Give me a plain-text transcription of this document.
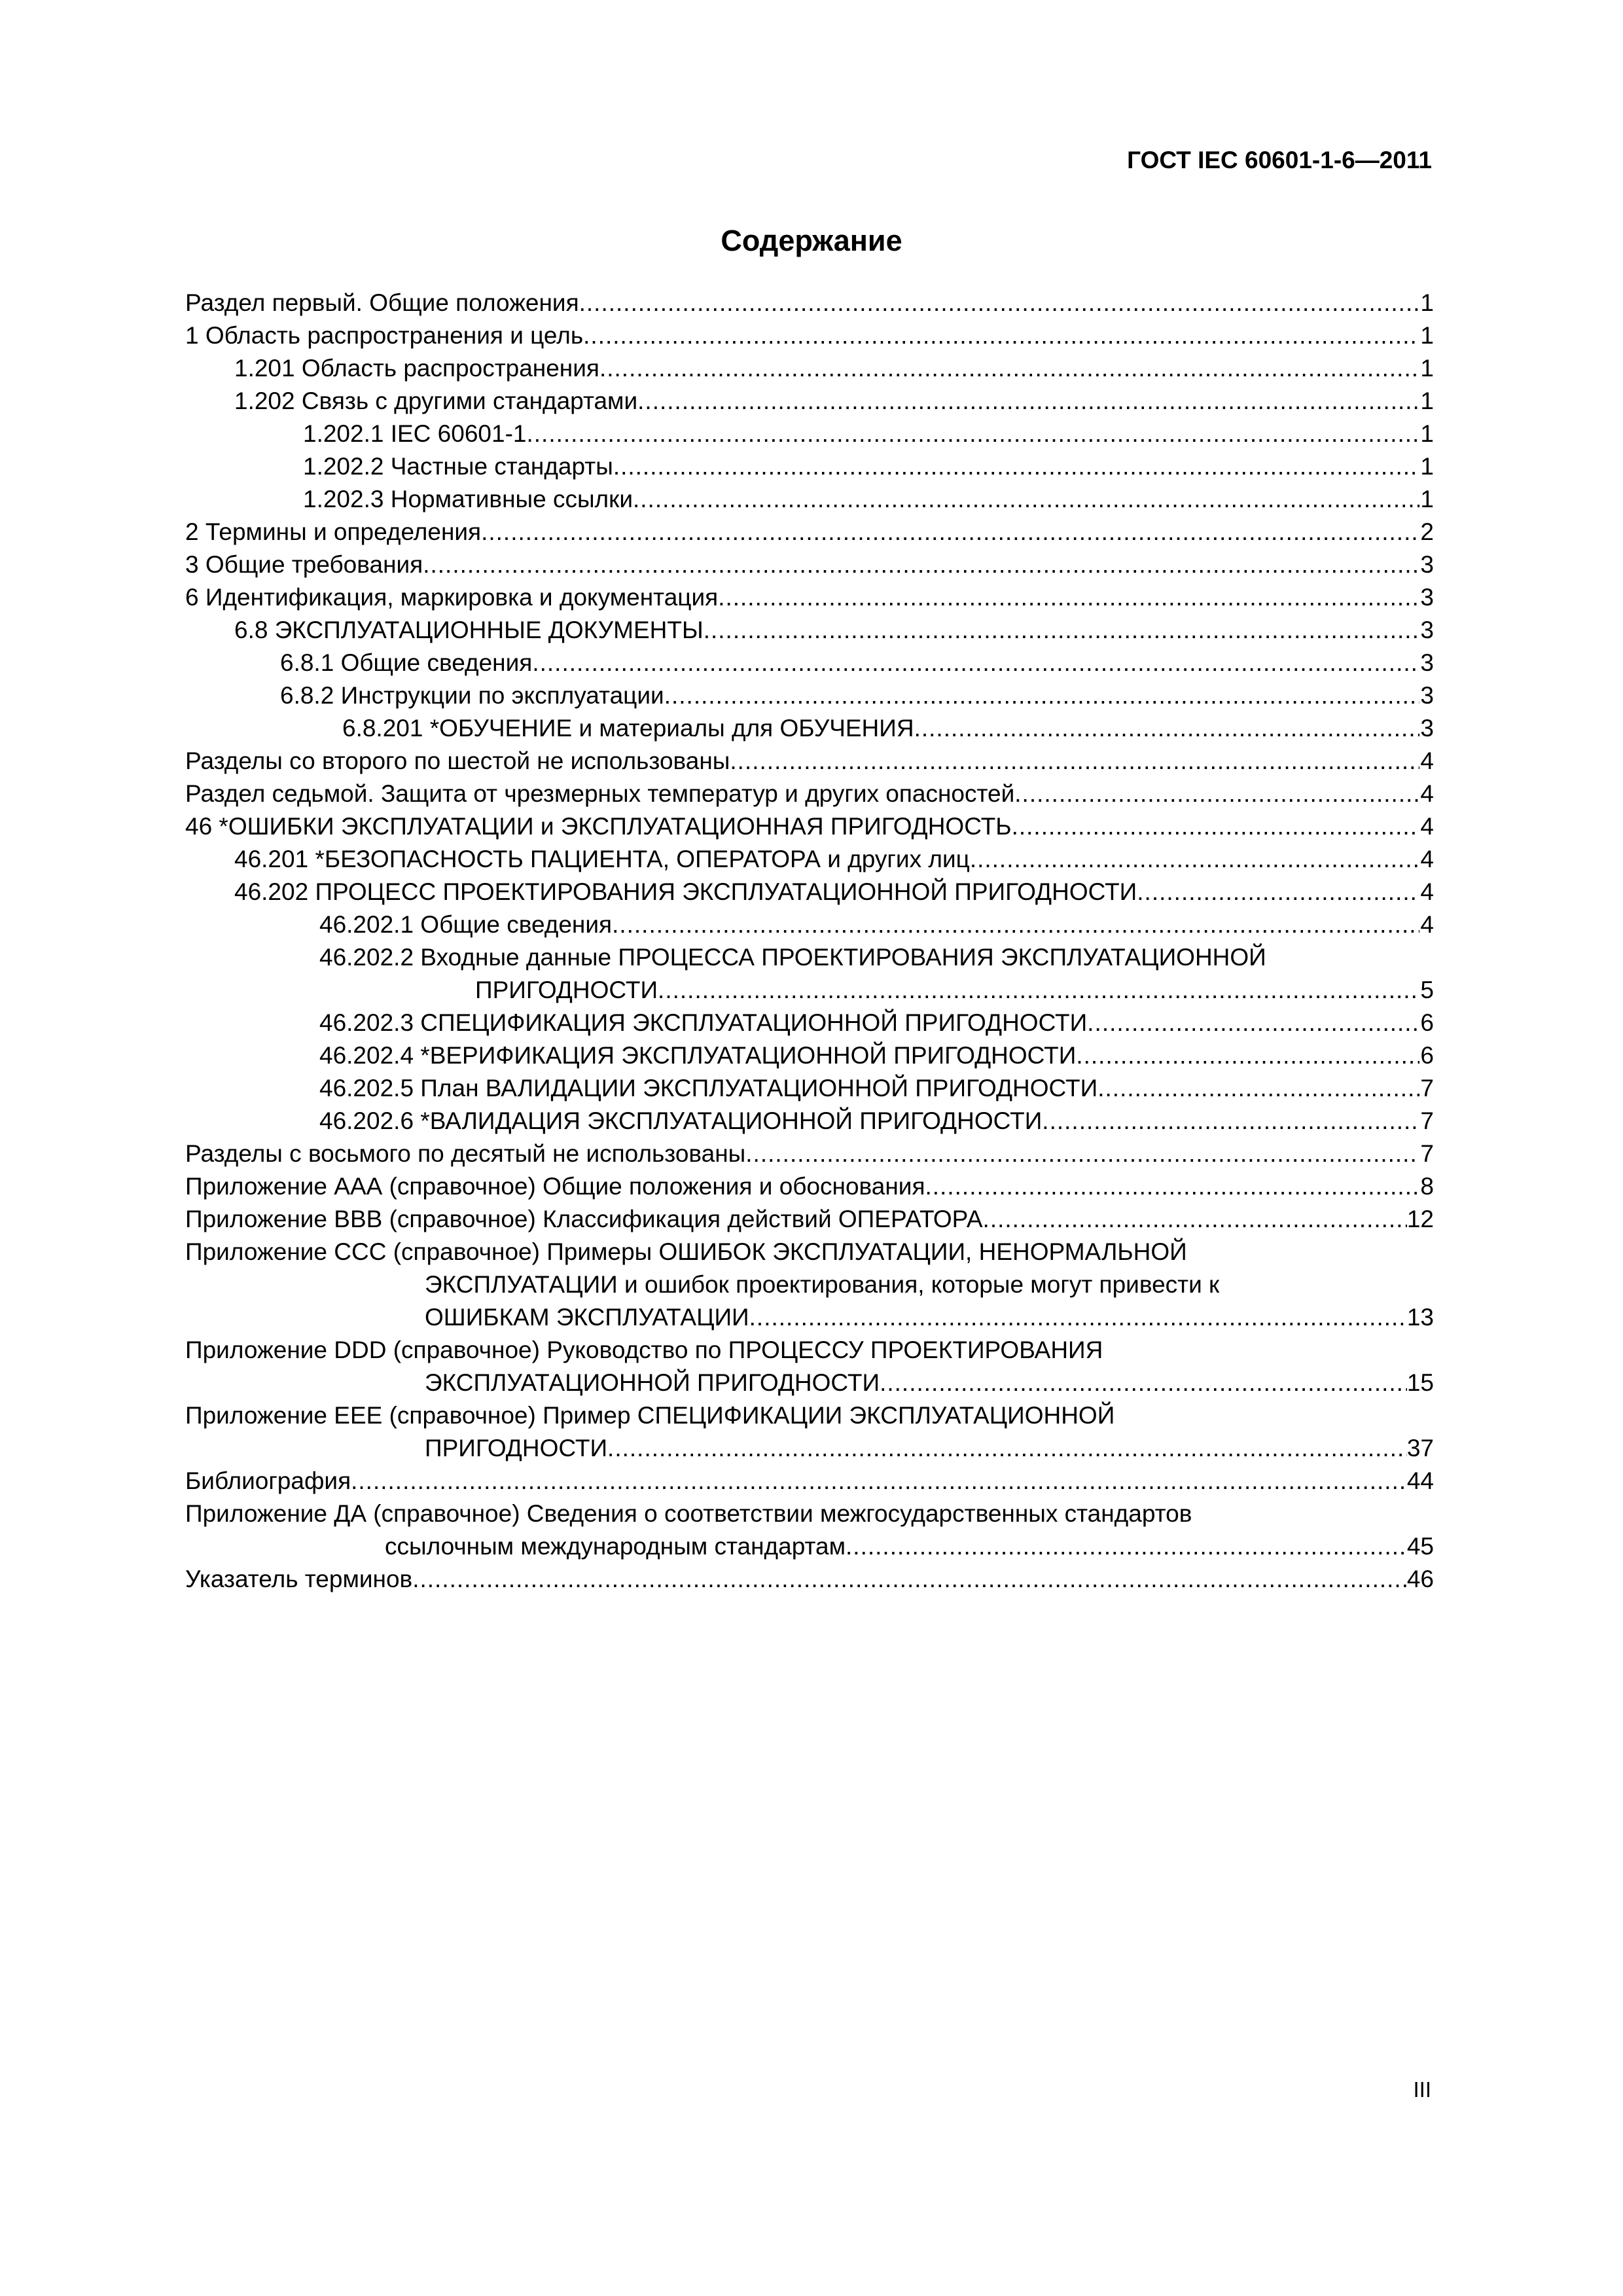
ГОСТ IEC 60601-1-6—2011
Содержание
Раздел первый. Общие положения .....	1
1 Область распространения и цель .....	1
1.201 Область распространения .....	1
1.202 Связь с другими стандартами .....	1
1.202.1 IEC 60601-1 .....	1
1.202.2 Частные стандарты .....	1
1.202.3 Нормативные ссылки .....	1
2 Термины и определения .....	2
3 Общие требования .....	3
6 Идентификация, маркировка и документация .....	3
6.8 ЭКСПЛУАТАЦИОННЫЕ ДОКУМЕНТЫ .....	3
6.8.1 Общие сведения .....	3
6.8.2 Инструкции по эксплуатации .....	3
6.8.201 *ОБУЧЕНИЕ и материалы для ОБУЧЕНИЯ .....	3
Разделы со второго по шестой не использованы .....	4
Раздел седьмой. Защита от чрезмерных температур и других опасностей .....	4
46 *ОШИБКИ ЭКСПЛУАТАЦИИ и ЭКСПЛУАТАЦИОННАЯ ПРИГОДНОСТЬ .....	4
46.201 *БЕЗОПАСНОСТЬ ПАЦИЕНТА, ОПЕРАТОРА и других лиц .....	4
46.202 ПРОЦЕСС ПРОЕКТИРОВАНИЯ ЭКСПЛУАТАЦИОННОЙ ПРИГОДНОСТИ .....	4
46.202.1 Общие сведения .....	4
46.202.2 Входные данные ПРОЦЕССА ПРОЕКТИРОВАНИЯ ЭКСПЛУАТАЦИОННОЙ
ПРИГОДНОСТИ .....	5
46.202.3 СПЕЦИФИКАЦИЯ ЭКСПЛУАТАЦИОННОЙ ПРИГОДНОСТИ .....	6
46.202.4 *ВЕРИФИКАЦИЯ ЭКСПЛУАТАЦИОННОЙ ПРИГОДНОСТИ .....	6
46.202.5 План ВАЛИДАЦИИ ЭКСПЛУАТАЦИОННОЙ ПРИГОДНОСТИ .....	7
46.202.6 *ВАЛИДАЦИЯ ЭКСПЛУАТАЦИОННОЙ ПРИГОДНОСТИ .....	7
Разделы с восьмого по десятый не использованы .....	7
Приложение ААА (справочное) Общие положения и обоснования .....	8
Приложение ВВВ (справочное) Классификация действий ОПЕРАТОРА .....	12
Приложение ССС (справочное) Примеры ОШИБОК ЭКСПЛУАТАЦИИ, НЕНОРМАЛЬНОЙ
ЭКСПЛУАТАЦИИ и ошибок проектирования, которые могут привести к
ОШИБКАМ ЭКСПЛУАТАЦИИ .....	13
Приложение DDD (справочное) Руководство по ПРОЦЕССУ ПРОЕКТИРОВАНИЯ
ЭКСПЛУАТАЦИОННОЙ ПРИГОДНОСТИ .....	15
Приложение ЕЕЕ (справочное) Пример СПЕЦИФИКАЦИИ ЭКСПЛУАТАЦИОННОЙ
ПРИГОДНОСТИ .....	37
Библиография .....	44
Приложение ДА (справочное) Сведения о соответствии межгосударственных стандартов
ссылочным международным стандартам .....	45
Указатель терминов .....	46
III
